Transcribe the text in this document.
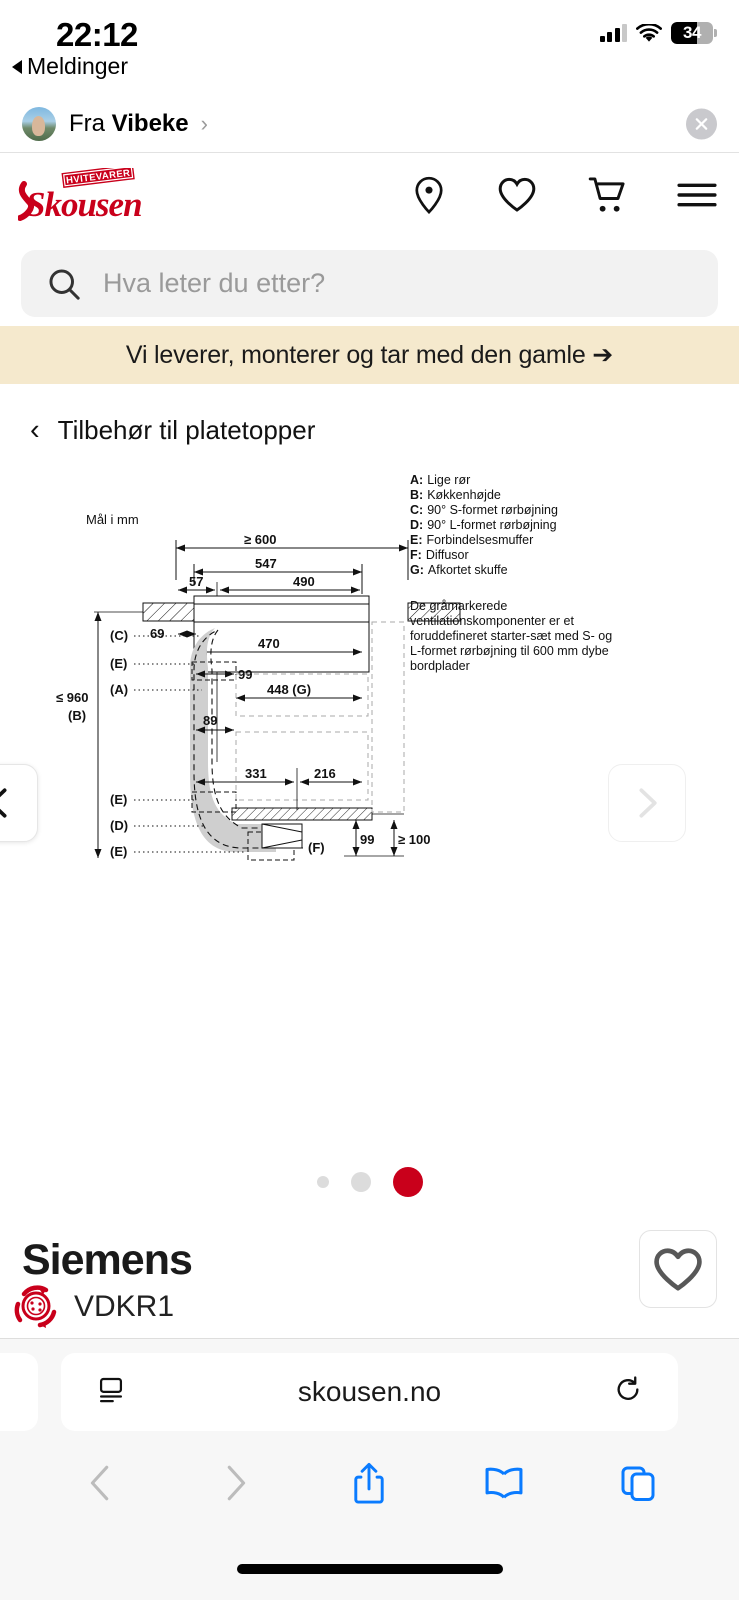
22:12
Meldinger
34
Fra Vibeke ›
HVITEVARER
Skousen
Hva leter du etter?
Vi leverer, monterer og tar med den gamle ➔
‹ Tilbehør til platetopper
Mål i mm
≥ 600
547
57	490
69
470
(C)
(E)
(A)
(E)
(D)
(E)
99
448 (G)
89
331	216
(F)
99 ≥ 100
≤ 960
(B)
A: Lige rør
B: Køkkenhøjde
C: 90° S-formet rørbøjning
D: 90° L-formet rørbøjning
E: Forbindelsesmuffer
F: Diffusor
G: Afkortet skuffe
De gråmarkerede
ventilationskomponenter er et
foruddefineret starter-sæt med S- og
L-formet rørbøjning til 600 mm dybe
bordplader
Siemens
VDKR1
skousen.no
